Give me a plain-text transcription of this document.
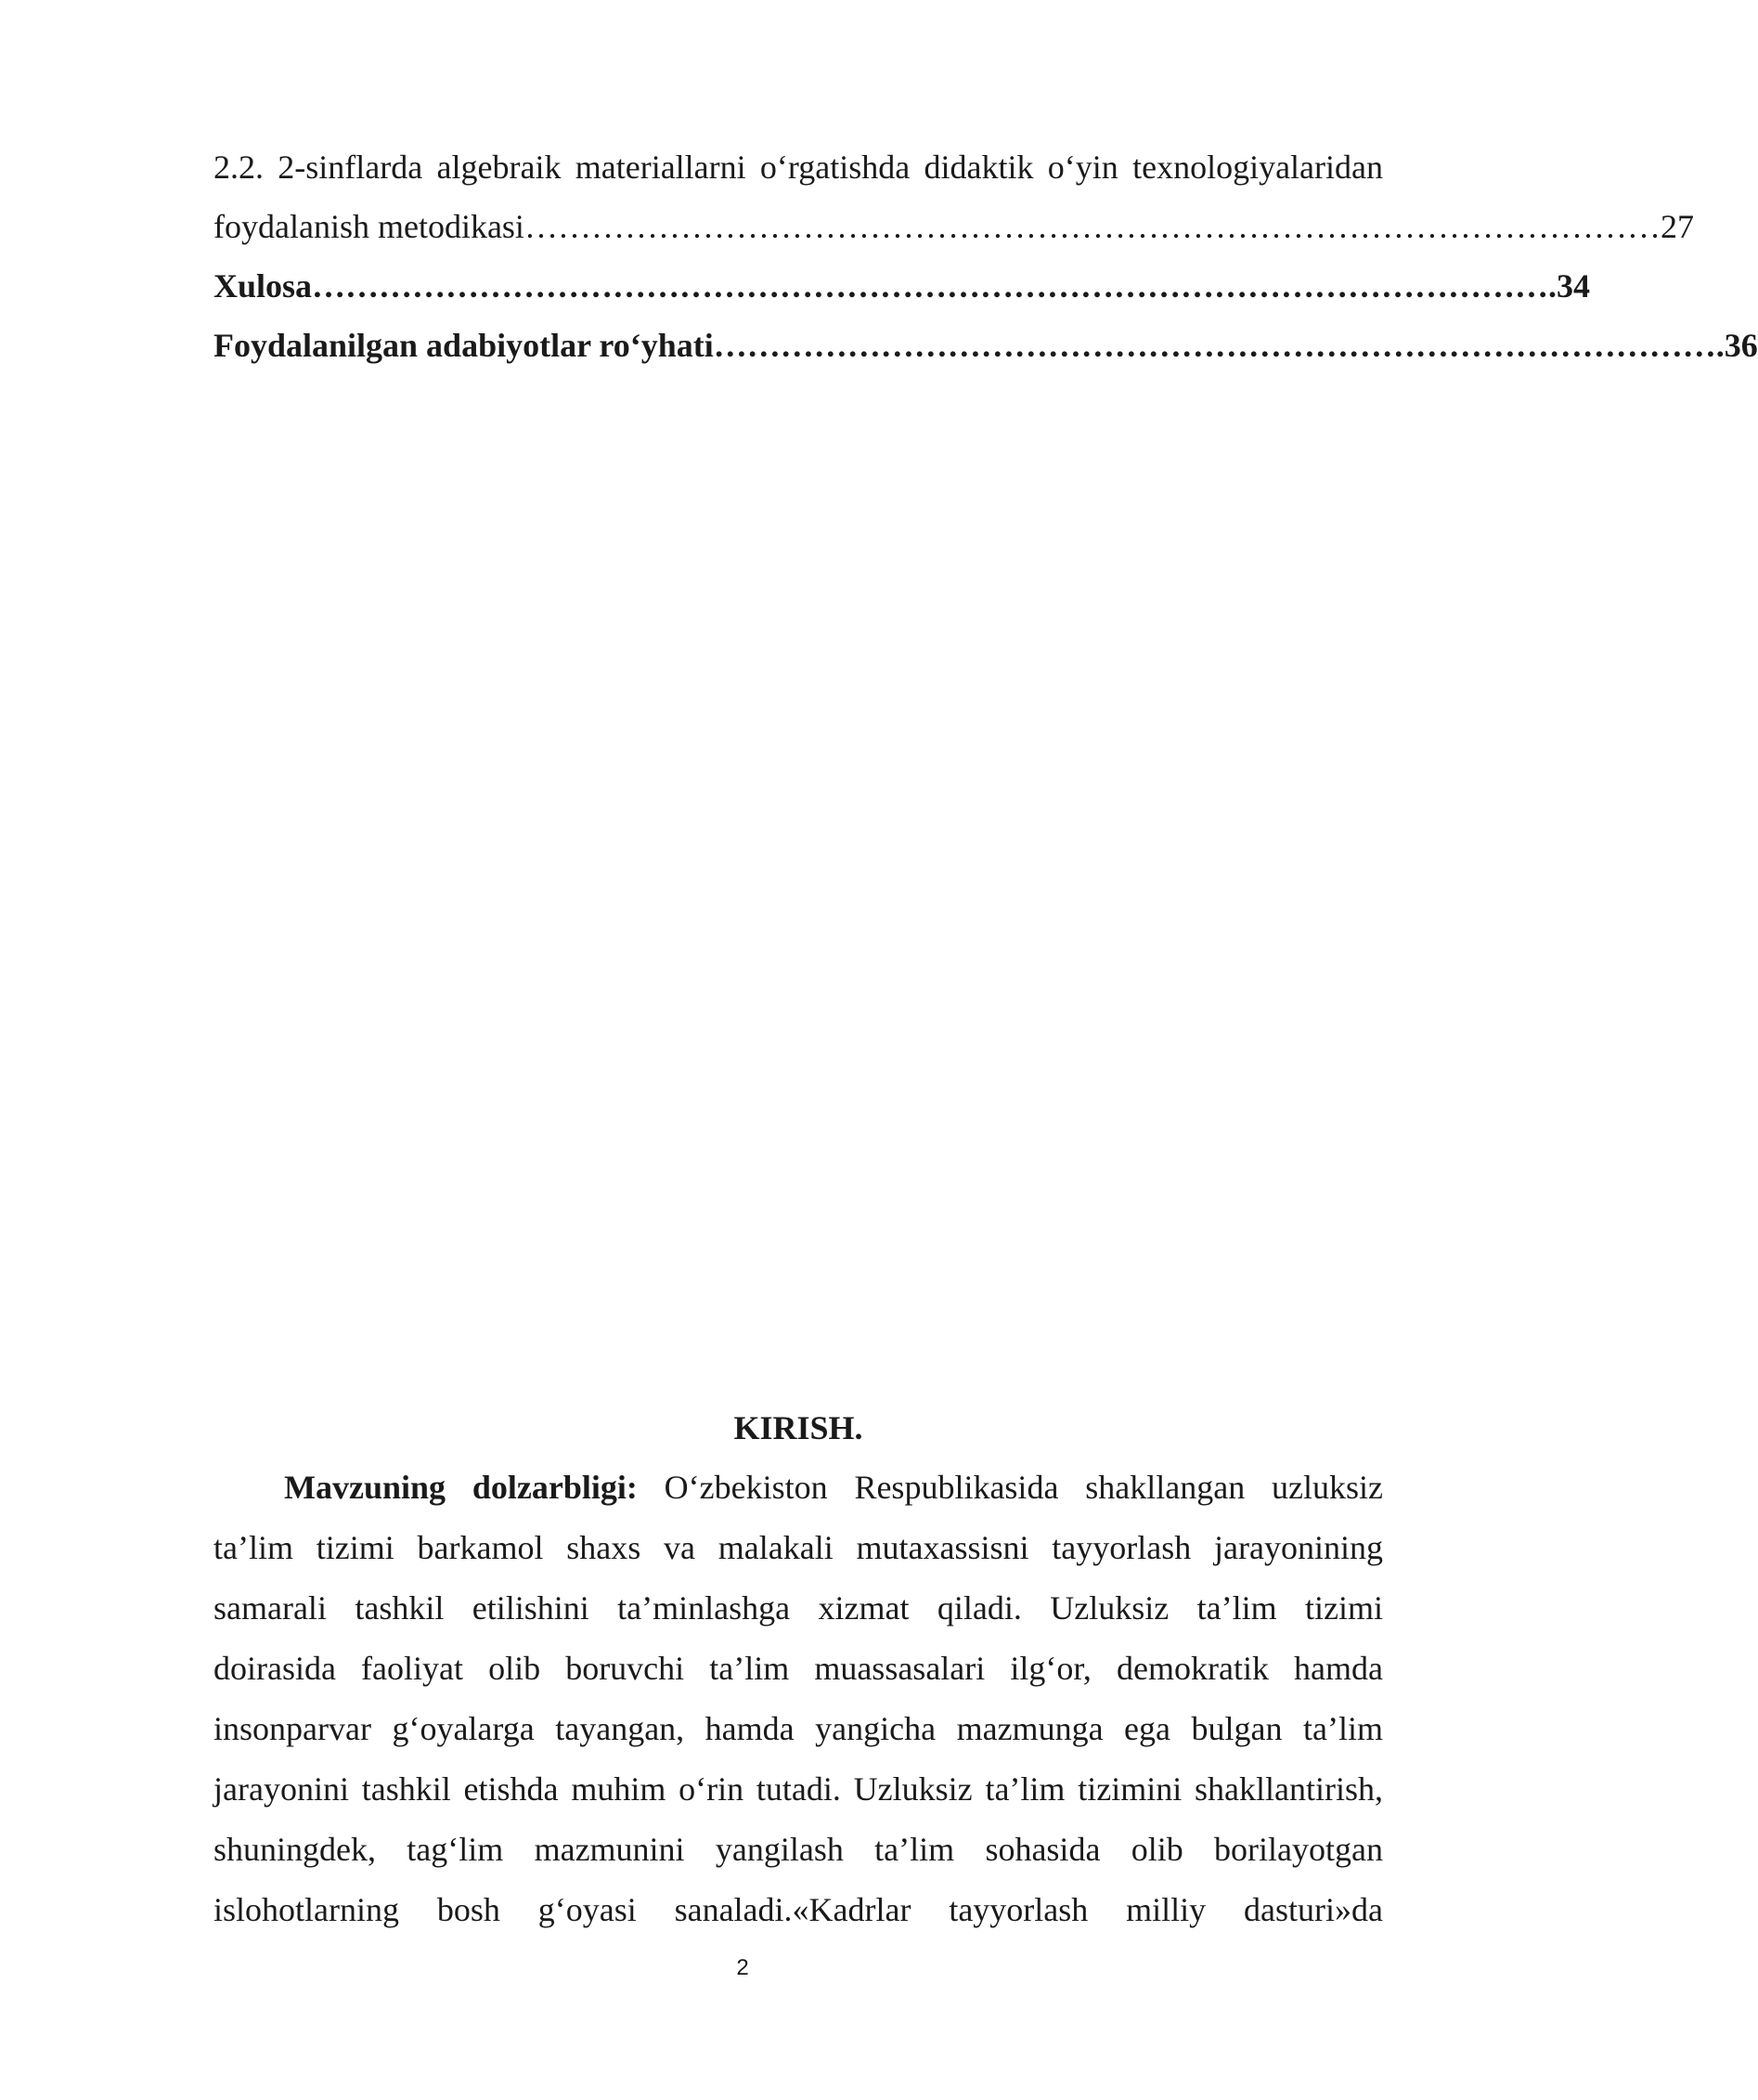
2.2. 2-sinflarda algebraik materiallarni o‘rgatishda didaktik o‘yin texnologiyalaridan
foydalanish metodikasi ………………………………………………………………………………………… 27
Xulosa ………………………………………………………………………………………………… .34
Foydalanilgan adabiyotlar ro‘yhati ……………………………………………………………………………… .36
KIRISH.
Mavzuning dolzarbligi: O‘zbekiston Respublikasida shakllangan uzluksiz
ta’lim tizimi barkamol shaxs va malakali mutaxassisni tayyorlash jarayonining
samarali tashkil etilishini ta’minlashga xizmat qiladi. Uzluksiz ta’lim tizimi
doirasida faoliyat olib boruvchi ta’lim muassasalari ilg‘or, demokratik hamda
insonparvar g‘oyalarga tayangan, hamda yangicha mazmunga ega bulgan ta’lim
jarayonini tashkil etishda muhim o‘rin tutadi. Uzluksiz ta’lim tizimini shakllantirish,
shuningdek, tag‘lim mazmunini yangilash ta’lim sohasida olib borilayotgan
islohotlarning bosh g‘oyasi sanaladi.«Kadrlar tayyorlash milliy dasturi»da
2
